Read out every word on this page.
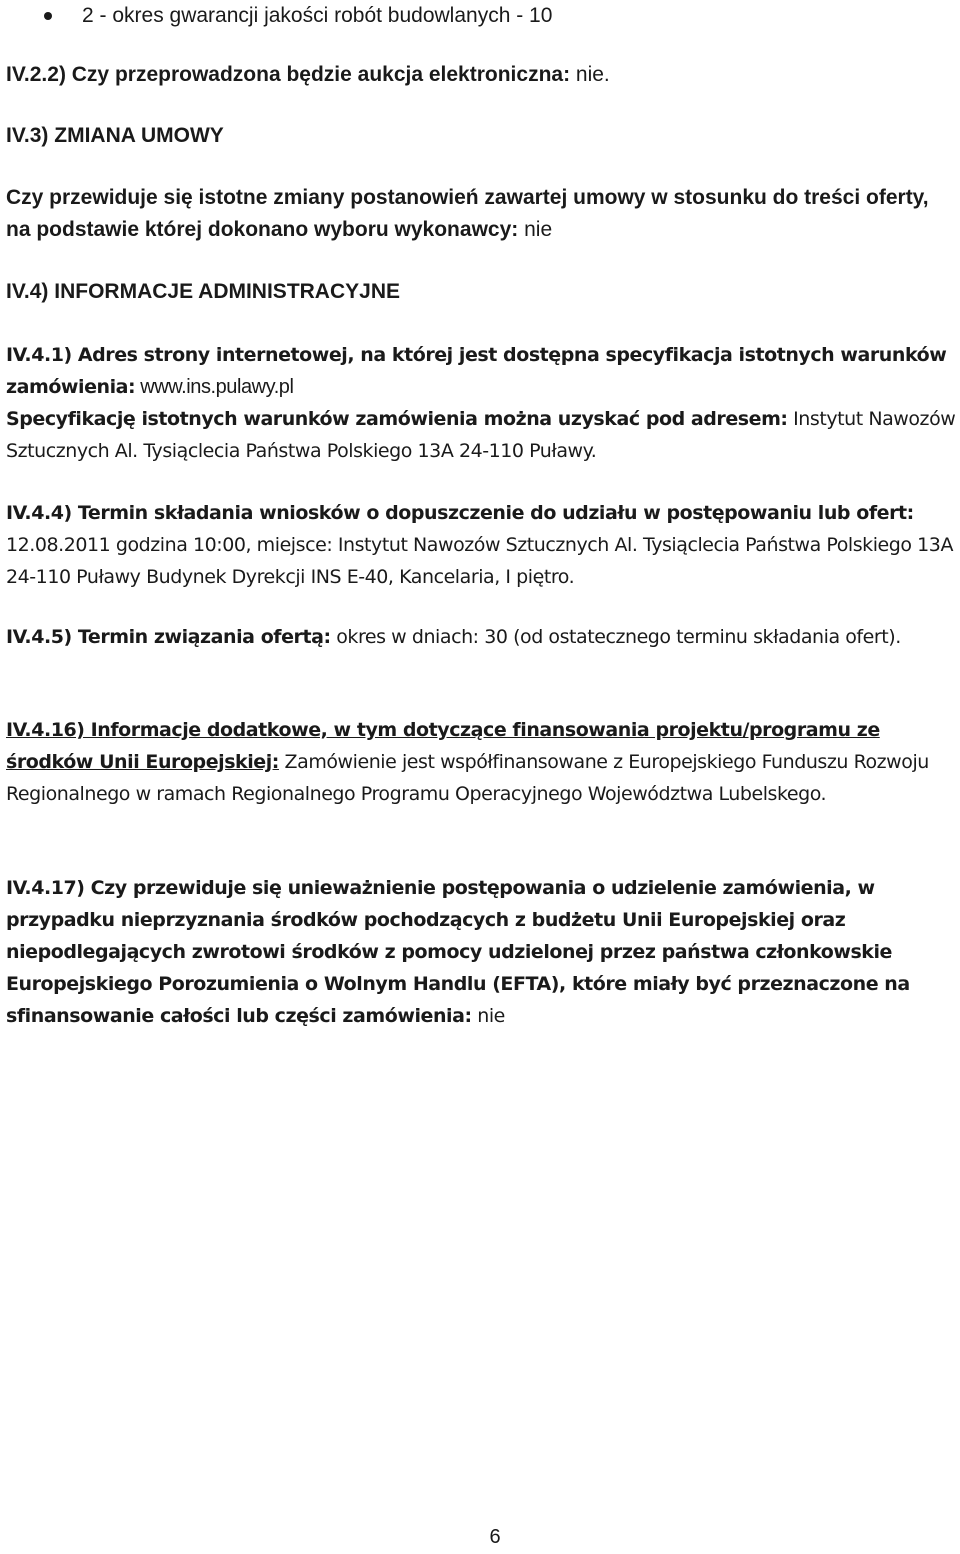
2 - okres gwarancji jakości robót budowlanych - 10

IV.2.2) Czy przeprowadzona będzie aukcja elektroniczna: nie.

IV.3) ZMIANA UMOWY

Czy przewiduje się istotne zmiany postanowień zawartej umowy w stosunku do treści oferty, na podstawie której dokonano wyboru wykonawcy: nie

IV.4) INFORMACJE ADMINISTRACYJNE

IV.4.1) Adres strony internetowej, na której jest dostępna specyfikacja istotnych warunków zamówienia: www.ins.pulawy.pl
Specyfikację istotnych warunków zamówienia można uzyskać pod adresem: Instytut Nawozów Sztucznych Al. Tysiąclecia Państwa Polskiego 13A 24-110 Puławy.

IV.4.4) Termin składania wniosków o dopuszczenie do udziału w postępowaniu lub ofert: 12.08.2011 godzina 10:00, miejsce: Instytut Nawozów Sztucznych Al. Tysiąclecia Państwa Polskiego 13A 24-110 Puławy Budynek Dyrekcji INS E-40, Kancelaria, I piętro.

IV.4.5) Termin związania ofertą: okres w dniach: 30 (od ostatecznego terminu składania ofert).

IV.4.16) Informacje dodatkowe, w tym dotyczące finansowania projektu/programu ze środków Unii Europejskiej: Zamówienie jest współfinansowane z Europejskiego Funduszu Rozwoju Regionalnego w ramach Regionalnego Programu Operacyjnego Województwa Lubelskego.

IV.4.17) Czy przewiduje się unieważnienie postępowania o udzielenie zamówienia, w przypadku nieprzyznania środków pochodzących z budżetu Unii Europejskiej oraz niepodlegających zwrotowi środków z pomocy udzielonej przez państwa członkowskie Europejskiego Porozumienia o Wolnym Handlu (EFTA), które miały być przeznaczone na sfinansowanie całości lub części zamówienia: nie

6
